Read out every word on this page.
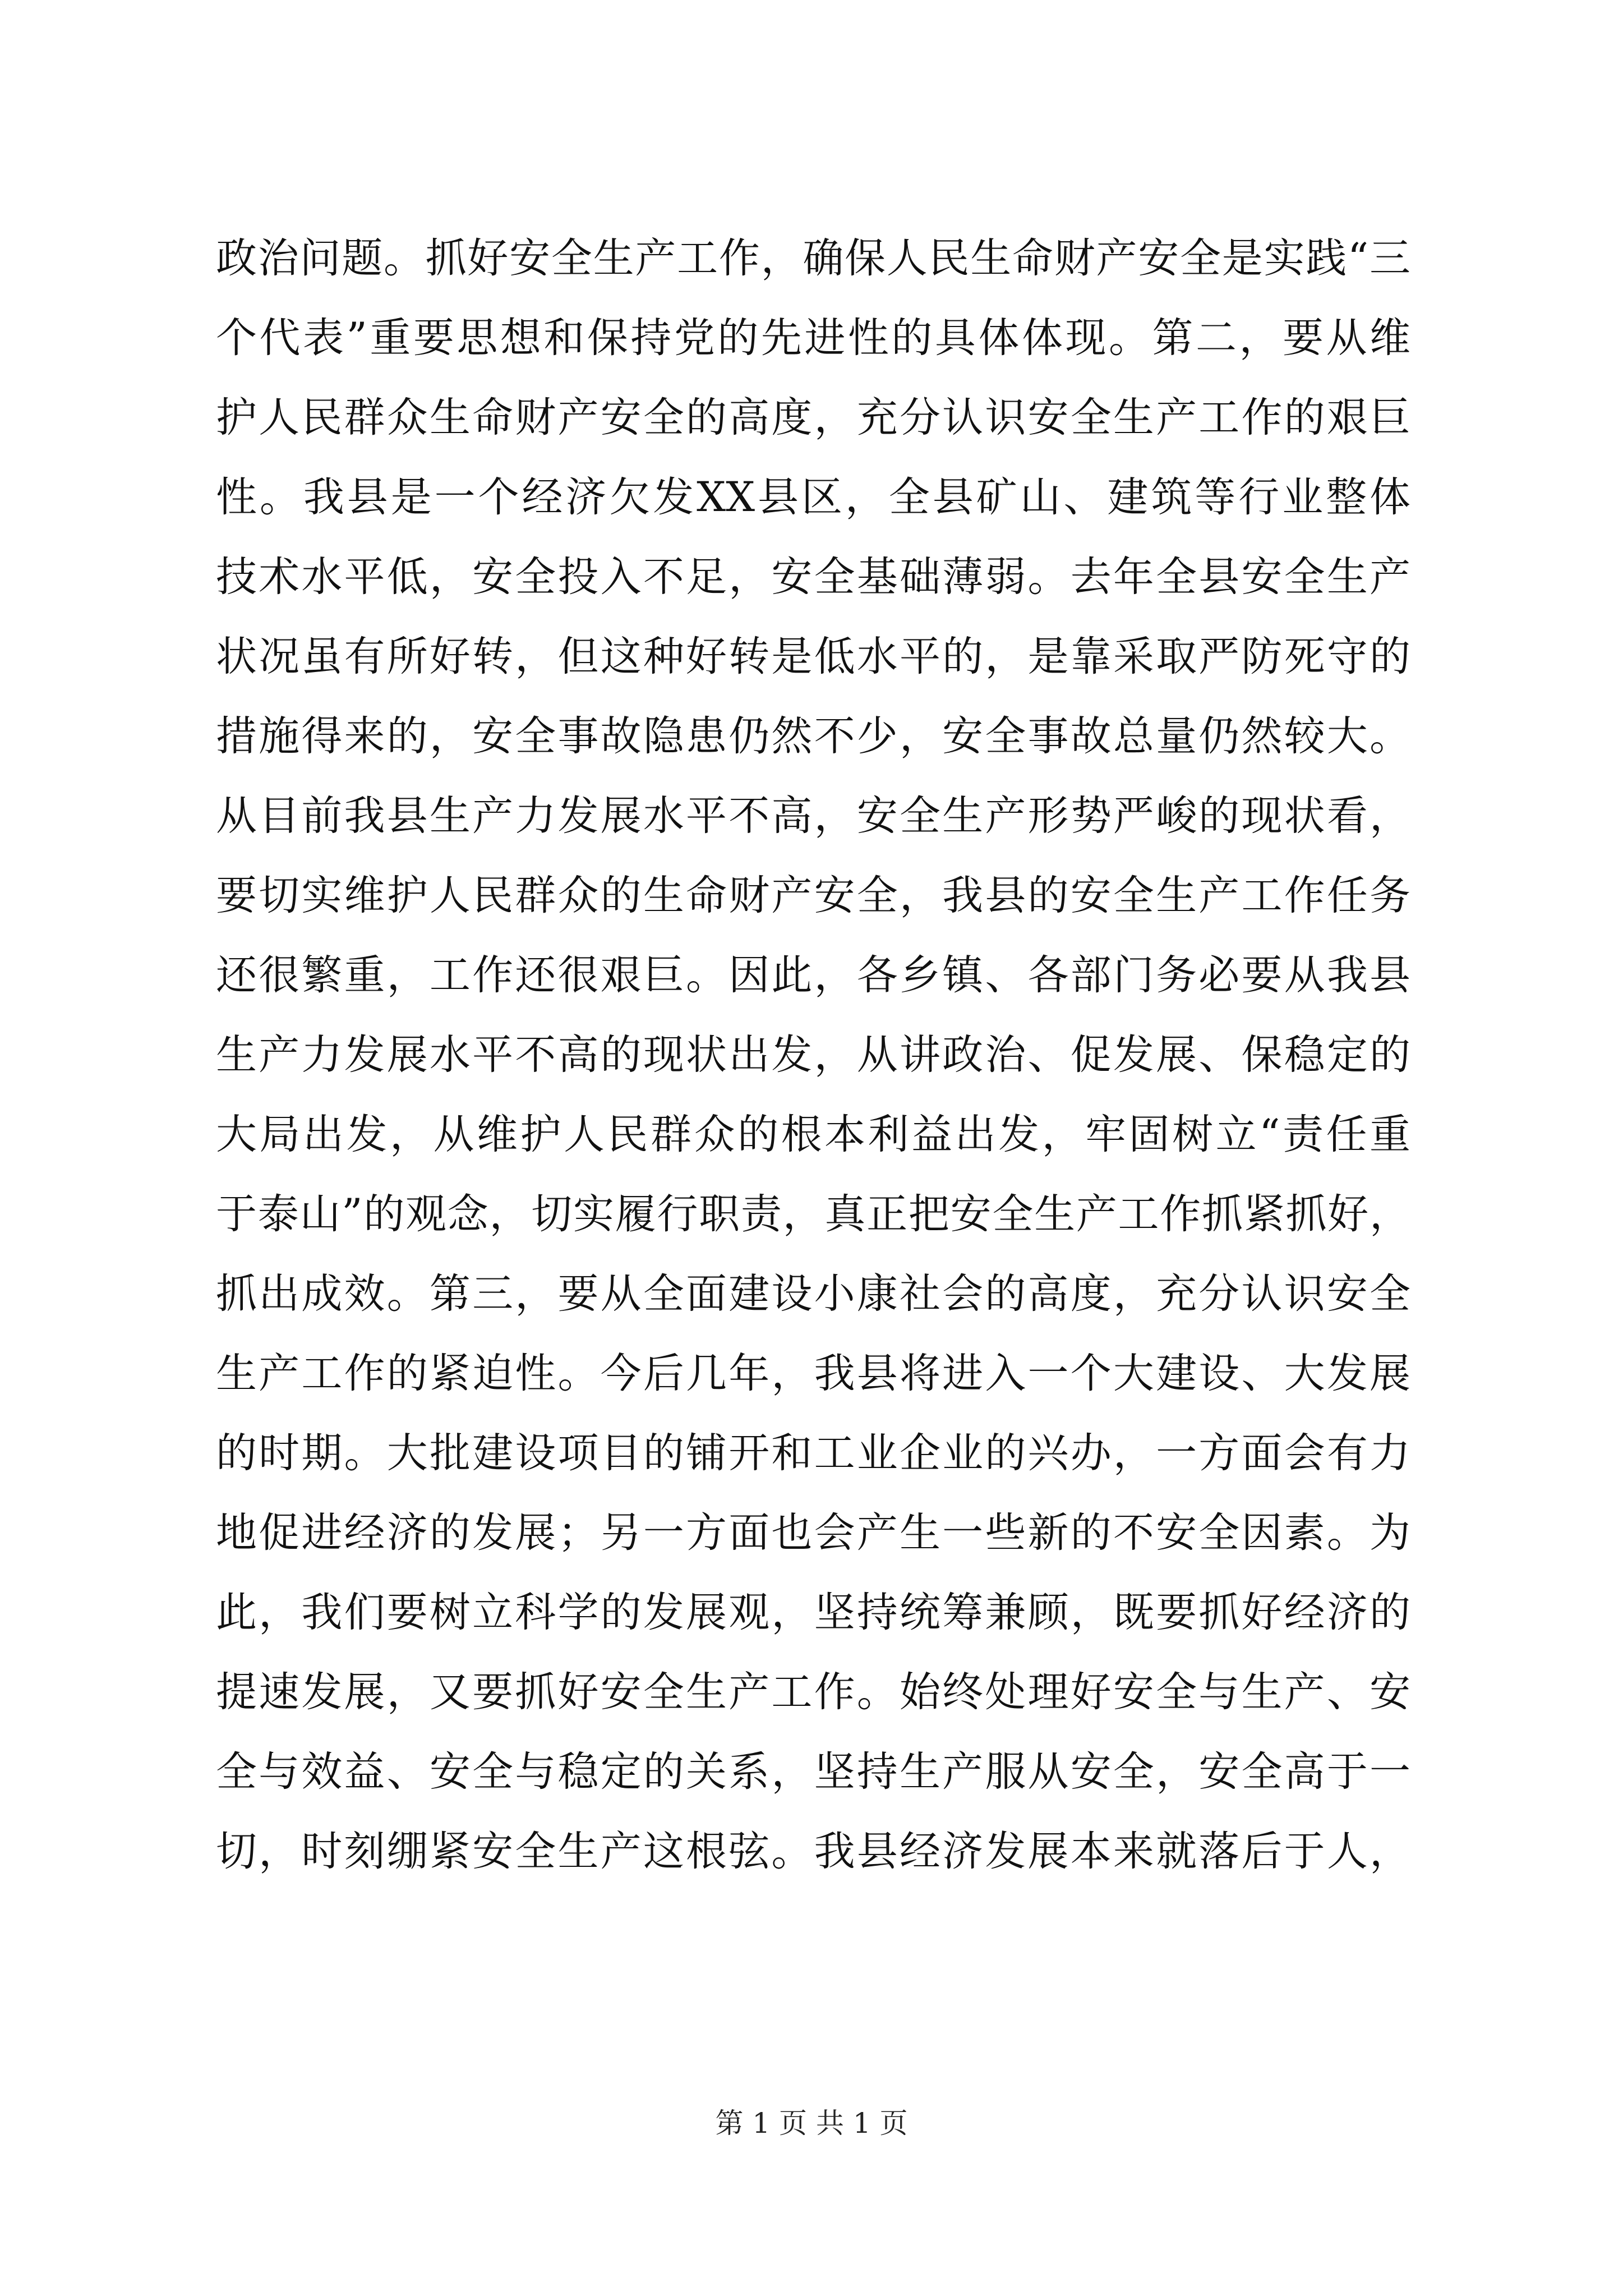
政治问题。抓好安全生产工作，确保人民生命财产安全是实践“三
个代表”重要思想和保持党的先进性的具体体现。第二，要从维
护人民群众生命财产安全的高度，充分认识安全生产工作的艰巨
性。我县是一个经济欠发XX县区，全县矿山、建筑等行业整体
技术水平低，安全投入不足，安全基础薄弱。去年全县安全生产
状况虽有所好转，但这种好转是低水平的，是靠采取严防死守的
措施得来的，安全事故隐患仍然不少，安全事故总量仍然较大。
从目前我县生产力发展水平不高，安全生产形势严峻的现状看，
要切实维护人民群众的生命财产安全，我县的安全生产工作任务
还很繁重，工作还很艰巨。因此，各乡镇、各部门务必要从我县
生产力发展水平不高的现状出发，从讲政治、促发展、保稳定的
大局出发，从维护人民群众的根本利益出发，牢固树立“责任重
于泰山”的观念，切实履行职责，真正把安全生产工作抓紧抓好，
抓出成效。第三，要从全面建设小康社会的高度，充分认识安全
生产工作的紧迫性。今后几年，我县将进入一个大建设、大发展
的时期。大批建设项目的铺开和工业企业的兴办，一方面会有力
地促进经济的发展；另一方面也会产生一些新的不安全因素。为
此，我们要树立科学的发展观，坚持统筹兼顾，既要抓好经济的
提速发展，又要抓好安全生产工作。始终处理好安全与生产、安
全与效益、安全与稳定的关系，坚持生产服从安全，安全高于一
切，时刻绷紧安全生产这根弦。我县经济发展本来就落后于人，
第 1 页 共 1 页
